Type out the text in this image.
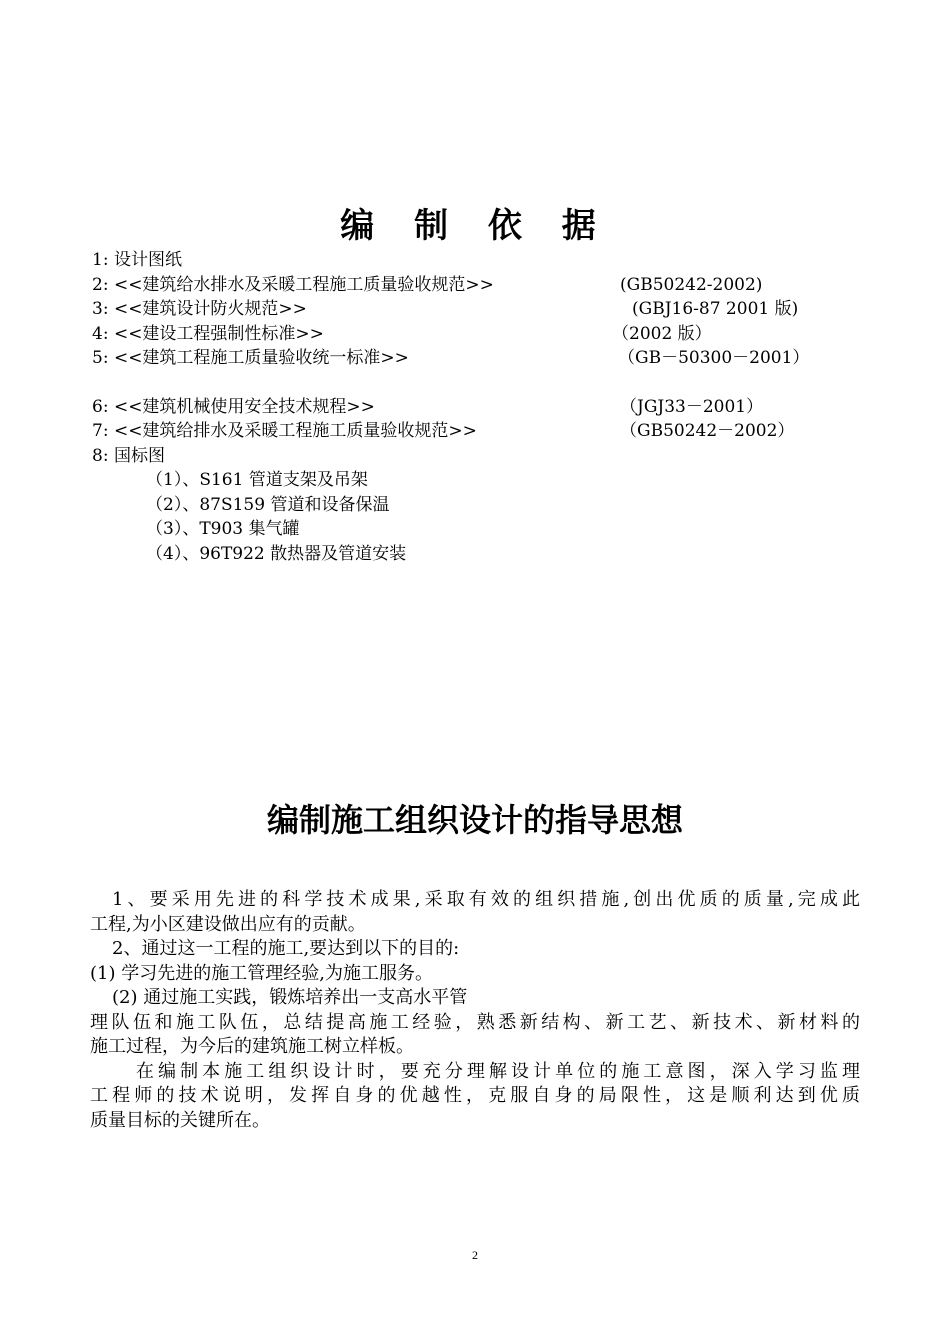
编 制 依 据
1: 设计图纸
2: <<建筑给水排水及采暖工程施工质量验收规范>>	(GB50242-2002)
3: <<建筑设计防火规范>>	(GBJ16-87 2001 版)
4: <<建设工程强制性标准>>	（2002 版）
5: <<建筑工程施工质量验收统一标准>>	（GB－50300－2001）
6: <<建筑机械使用安全技术规程>>	（JGJ33－2001）
7: <<建筑给排水及采暖工程施工质量验收规范>>	（GB50242－2002）
8: 国标图
（1）、S161 管道支架及吊架
（2）、87S159 管道和设备保温
（3）、T903 集气罐
（4）、96T922 散热器及管道安装
编制施工组织设计的指导思想

1、要采用先进的科学技术成果,采取有效的组织措施,创出优质的质量,完成此

工程,为小区建设做出应有的贡献。

2、通过这一工程的施工,要达到以下的目的:

(1) 学习先进的施工管理经验,为施工服务。

(2) 通过施工实践，锻炼培养出一支高水平管

理队伍和施工队伍，总结提高施工经验，熟悉新结构、新工艺、新技术、新材料的

施工过程，为今后的建筑施工树立样板。

在编制本施工组织设计时，要充分理解设计单位的施工意图，深入学习监理

工程师的技术说明，发挥自身的优越性，克服自身的局限性，这是顺利达到优质

质量目标的关键所在。

2
